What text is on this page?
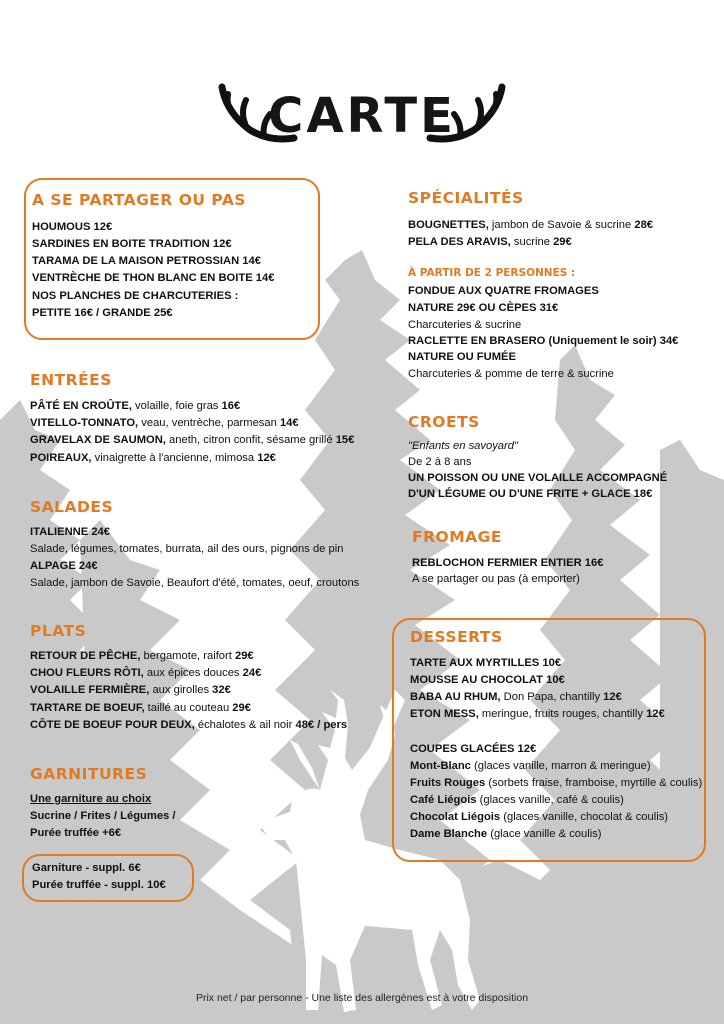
CARTE
A SE PARTAGER OU PAS
HOUMOUS 12€
SARDINES EN BOITE TRADITION 12€
TARAMA DE LA MAISON PETROSSIAN 14€
VENTRÈCHE DE THON BLANC EN BOITE 14€
NOS PLANCHES DE CHARCUTERIES :
PETITE 16€ / GRANDE 25€
ENTRÉES
PÂTÉ EN CROÛTE, volaille, foie gras 16€
VITELLO-TONNATO, veau, ventrèche, parmesan 14€
GRAVELAX DE SAUMON, aneth, citron confit, sésame grillé 15€
POIREAUX, vinaigrette à l'ancienne, mimosa 12€
SALADES
ITALIENNE 24€
Salade, légumes, tomates, burrata, ail des ours, pignons de pin
ALPAGE 24€
Salade, jambon de Savoie, Beaufort d'été, tomates, oeuf, croutons
PLATS
RETOUR DE PÊCHE, bergamote, raifort 29€
CHOU FLEURS RÔTI, aux épices douces 24€
VOLAILLE FERMIÈRE, aux girolles 32€
TARTARE DE BOEUF, taillé au couteau 29€
CÔTE DE BOEUF POUR DEUX, échalotes & ail noir 48€ / pers
GARNITURES
Une garniture au choix
Sucrine / Frites / Légumes /
Purée truffée +6€
Garniture - suppl. 6€
Purée truffée - suppl. 10€
SPÉCIALITÉS
BOUGNETTES, jambon de Savoie & sucrine 28€
PELA DES ARAVIS, sucrine 29€
À PARTIR DE 2 PERSONNES :
FONDUE AUX QUATRE FROMAGES
NATURE 29€ OU CÈPES 31€
Charcuteries & sucrine
RACLETTE EN BRASERO (Uniquement le soir) 34€
NATURE OU FUMÉE
Charcuteries & pomme de terre & sucrine
CROETS
"Enfants en savoyard"
De 2 à 8 ans
UN POISSON OU UNE VOLAILLE ACCOMPAGNÉ
D'UN LÉGUME OU D'UNE FRITE + GLACE 18€
FROMAGE
REBLOCHON FERMIER ENTIER 16€
A se partager ou pas (à emporter)
DESSERTS
TARTE AUX MYRTILLES 10€
MOUSSE AU CHOCOLAT 10€
BABA AU RHUM, Don Papa, chantilly 12€
ETON MESS, meringue, fruits rouges, chantilly 12€
COUPES GLACÉES 12€
Mont-Blanc (glaces vanille, marron & meringue)
Fruits Rouges (sorbets fraise, framboise, myrtille & coulis)
Café Liégois (glaces vanille, café & coulis)
Chocolat Liégois (glaces vanille, chocolat & coulis)
Dame Blanche (glace vanille & coulis)
Prix net / par personne - Une liste des allergènes est à votre disposition
